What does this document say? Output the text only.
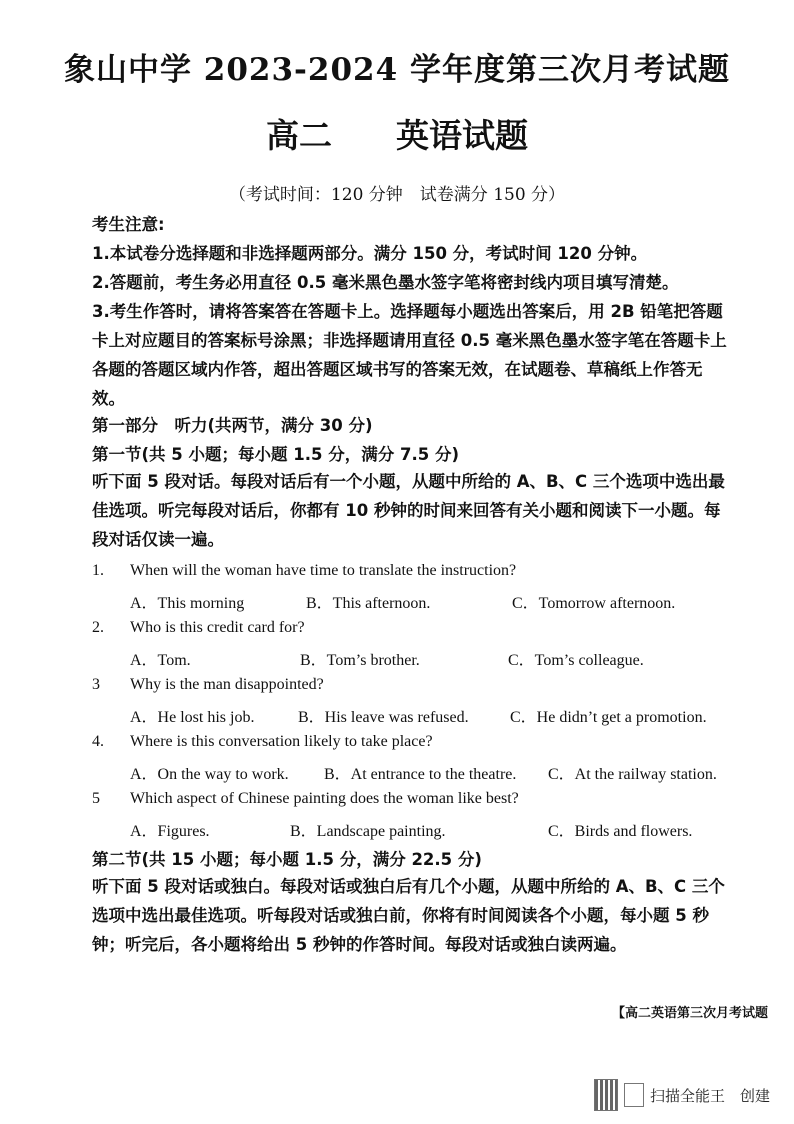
象山中学 2023-2024 学年度第三次月考试题
高二 英语试题
（考试时间：120 分钟　试卷满分 150 分）

考生注意:

1.本试卷分选择题和非选择题两部分。满分 150 分，考试时间 120 分钟。

2.答题前，考生务必用直径 0.5 毫米黑色墨水签字笔将密封线内项目填写清楚。

3.考生作答时，请将答案答在答题卡上。选择题每小题选出答案后，用 2B 铅笔把答题卡上对应题目的答案标号涂黑；非选择题请用直径 0.5 毫米黑色墨水签字笔在答题卡上各题的答题区域内作答，超出答题区域书写的答案无效，在试题卷、草稿纸上作答无效。

第一部分　听力(共两节，满分 30 分)
第一节(共 5 小题；每小题 1.5 分，满分 7.5 分)
听下面 5 段对话。每段对话后有一个小题，从题中所给的 A、B、C 三个选项中选出最佳选项。听完每段对话后，你都有 10 秒钟的时间来回答有关小题和阅读下一小题。每段对话仅读一遍。
1.	When will the woman have time to translate the instruction?
A．This morning	B．This afternoon.	C．Tomorrow afternoon.
2.	Who is this credit card for?
A．Tom.	B．Tom’s brother.	C．Tom’s colleague.
3	Why is the man disappointed?
A．He lost his job.	B．His leave was refused.	C．He didn’t get a promotion.
4.	Where is this conversation likely to take place?
A．On the way to work. B．At entrance to the theatre. C．At the railway station.
5	Which aspect of Chinese painting does the woman like best?
A．Figures.	B．Landscape painting.	C．Birds and flowers.
第二节(共 15 小题；每小题 1.5 分，满分 22.5 分)
听下面 5 段对话或独白。每段对话或独白后有几个小题，从题中所给的 A、B、C 三个选项中选出最佳选项。听每段对话或独白前，你将有时间阅读各个小题，每小题 5 秒钟；听完后，各小题将给出 5 秒钟的作答时间。每段对话或独白读两遍。
【高二英语第三次月考试题
扫描全能王　创建
